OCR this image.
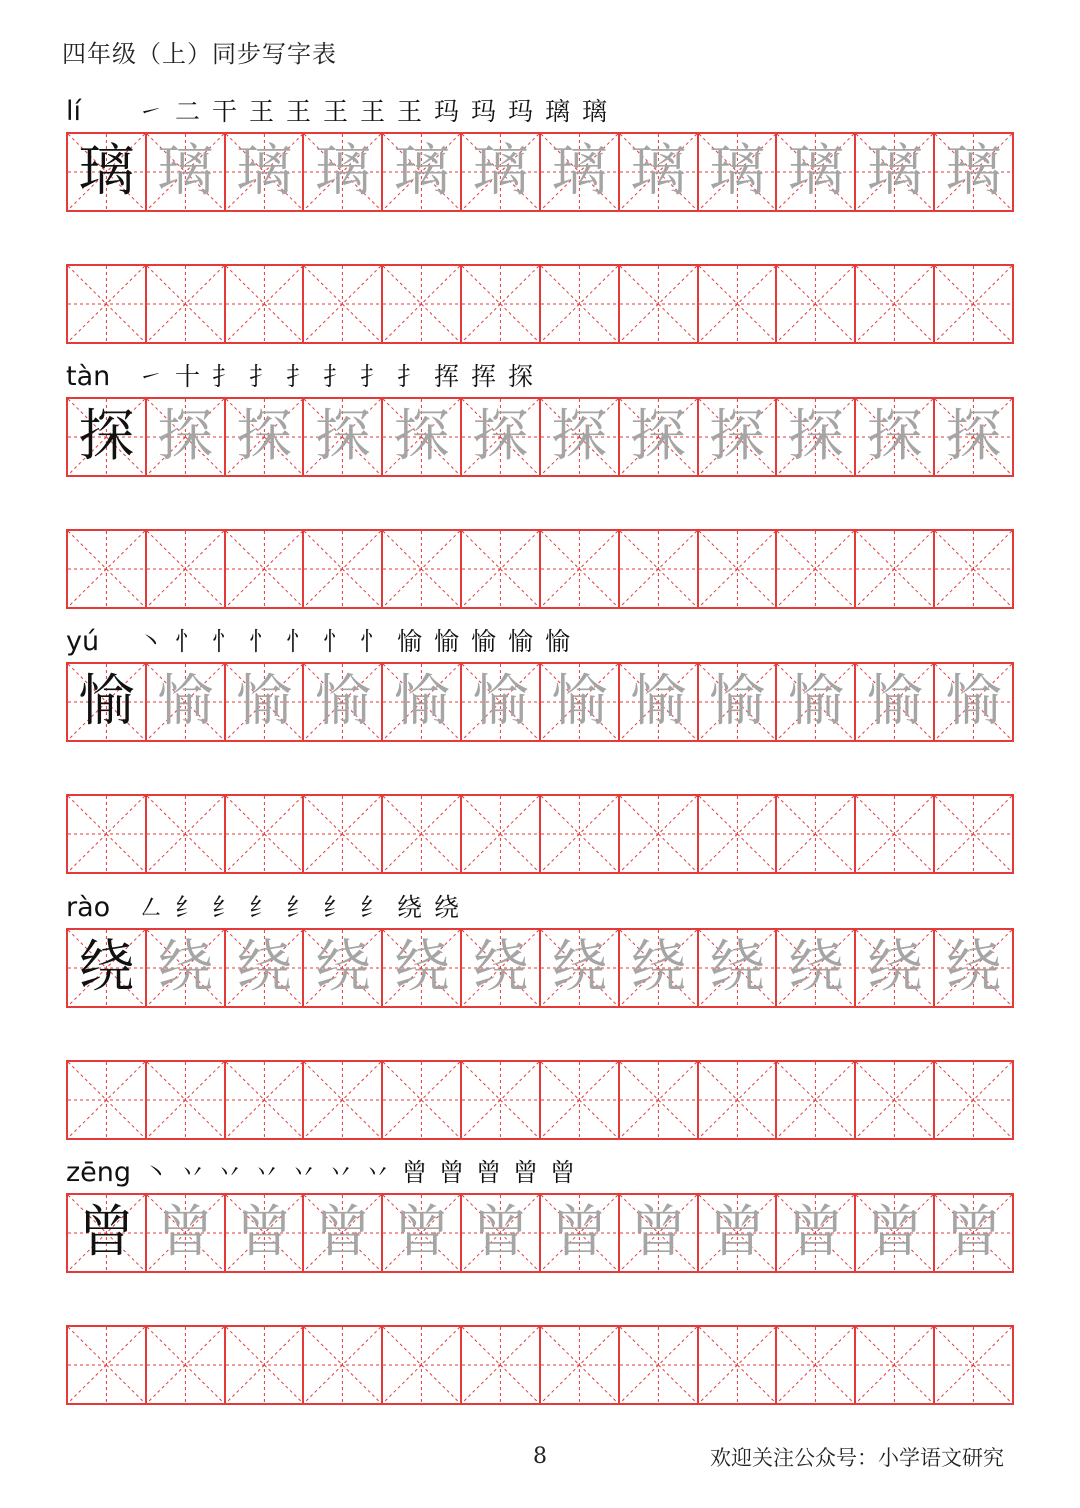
四年级（上）同步写字表
lí	㇀ 二 干 王 王 王 王 王 玛 玛 玛 璃 璃
璃 璃 璃 璃 璃 璃 璃 璃 璃 璃 璃 璃
tàn	㇀ 十 扌 扌 扌 扌 扌 扌 挥 挥 探
探 探 探 探 探 探 探 探 探 探 探 探
yú	㇔ 忄 忄 忄 忄 忄 忄 愉 愉 愉 愉 愉
愉 愉 愉 愉 愉 愉 愉 愉 愉 愉 愉 愉
rào	㇜ 纟 纟 纟 纟 纟 纟 绕 绕
绕 绕 绕 绕 绕 绕 绕 绕 绕 绕 绕 绕
zēng ㇔ 丷 丷 丷 丷 丷 丷 曾 曾 曾 曾 曾
曾 曾 曾 曾 曾 曾 曾 曾 曾 曾 曾 曾
8	欢迎关注公众号：小学语文研究
